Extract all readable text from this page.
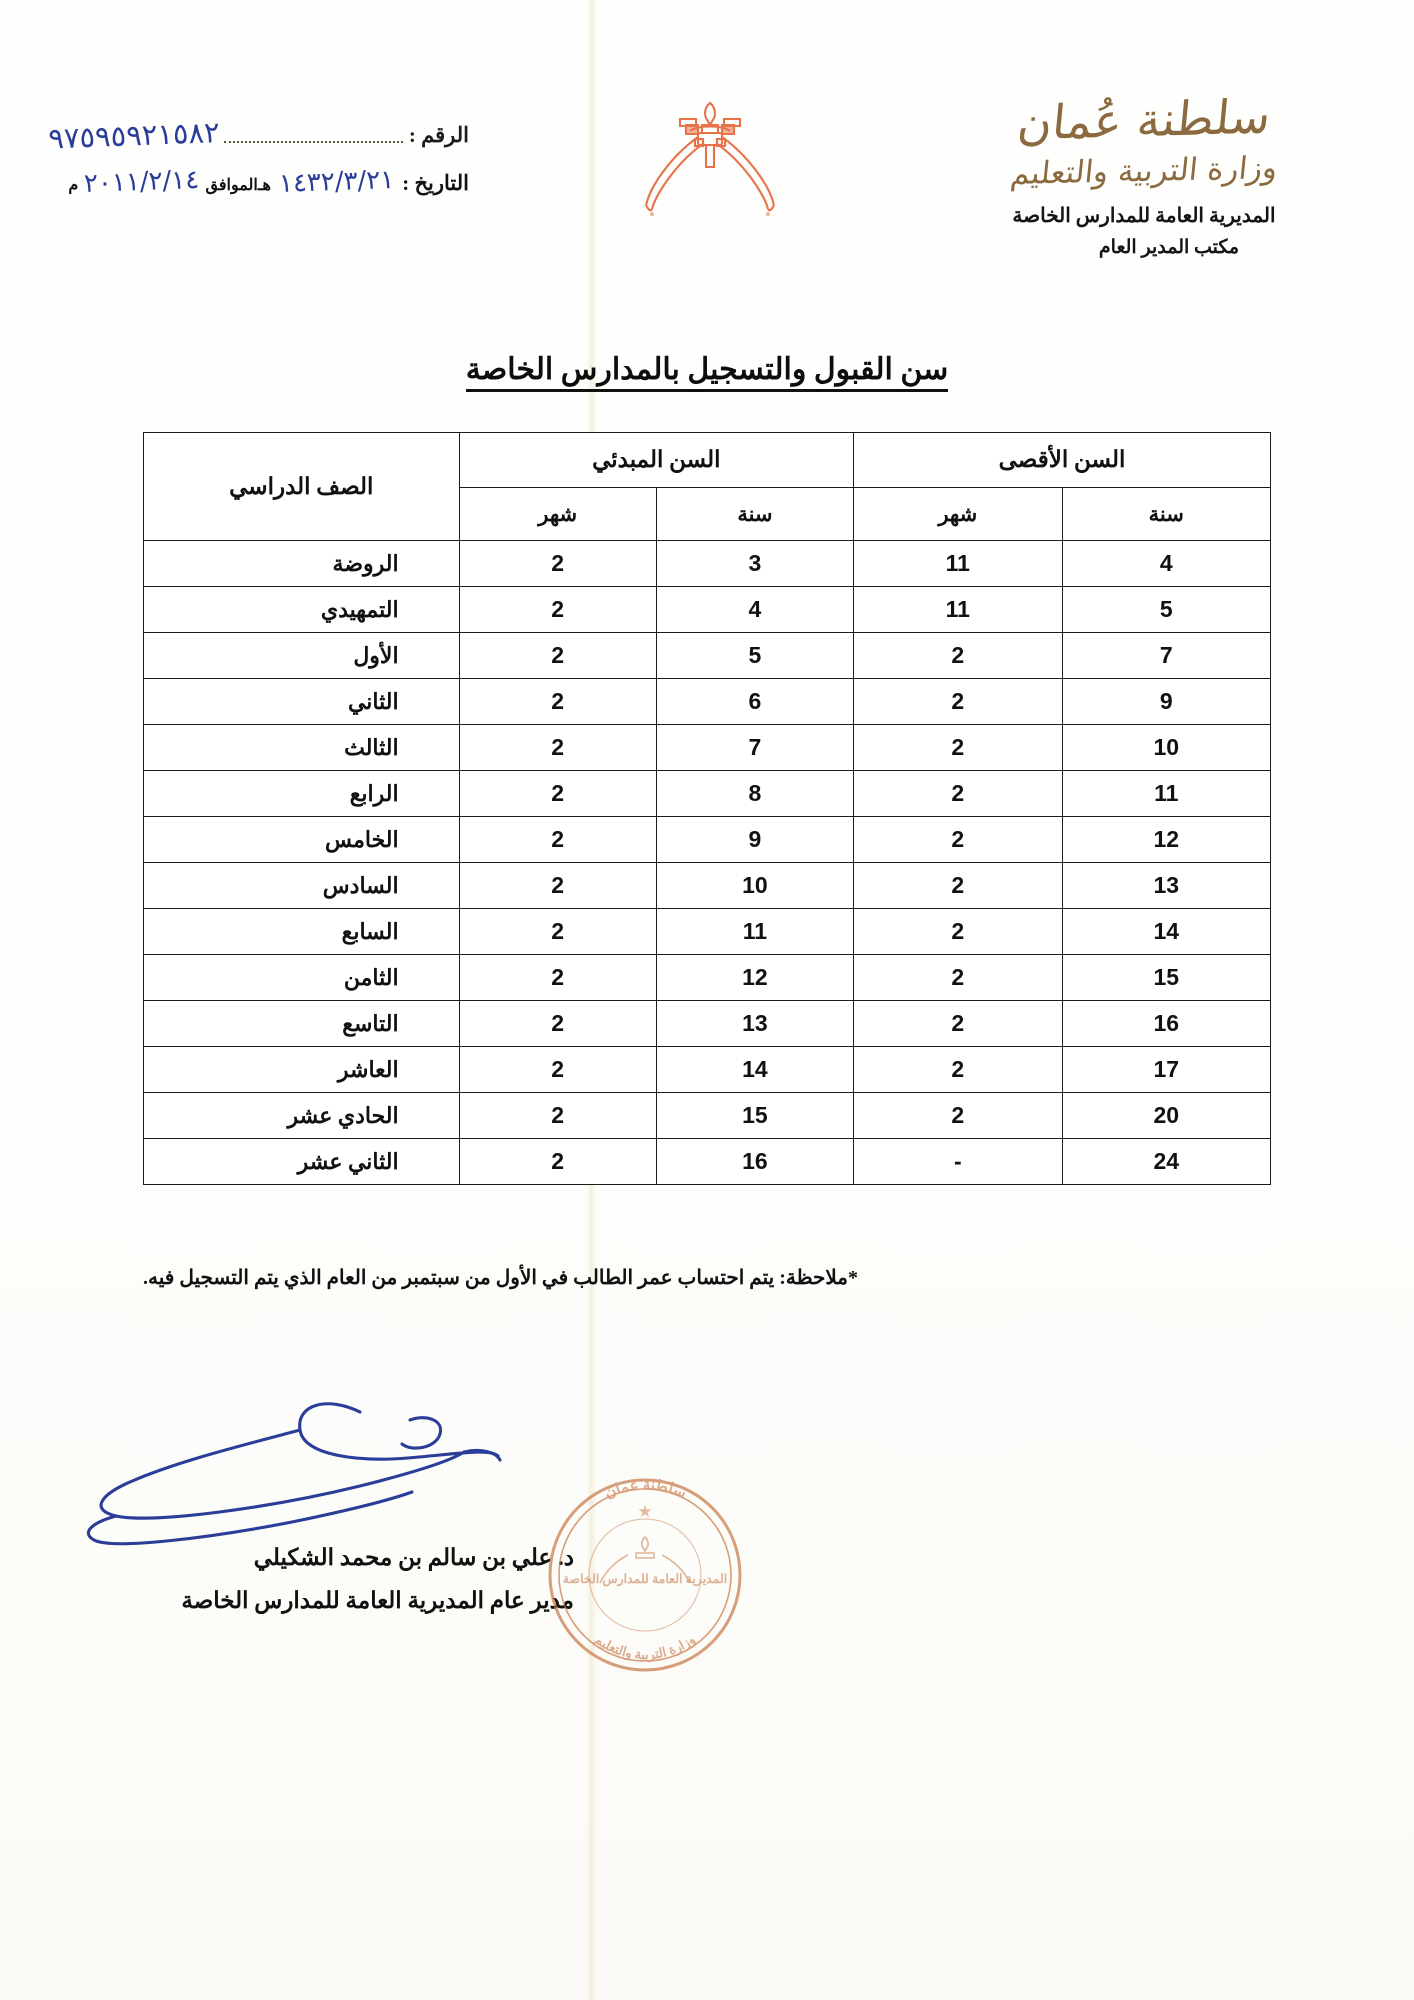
الرقم :
٩٧٥٩٥٩٢١٥٨٢
التاريخ :
١٤٣٢/٣/٢١
هـ
الموافق
٢٠١١/٢/١٤
م
سلطنة عُمان
وزارة التربية والتعليم
المديرية العامة للمدارس الخاصة
مكتب المدير العام
سن القبول والتسجيل بالمدارس الخاصة
السن الأقصى		السن المبدئي		الصف الدراسي
سنة	شهر	سنة	شهر	
4	11	3	2	الروضة
5	11	4	2	التمهيدي
7	2	5	2	الأول
9	2	6	2	الثاني
10	2	7	2	الثالث
11	2	8	2	الرابع
12	2	9	2	الخامس
13	2	10	2	السادس
14	2	11	2	السابع
15	2	12	2	الثامن
16	2	13	2	التاسع
17	2	14	2	العاشر
20	2	15	2	الحادي عشر
24	-	16	2	الثاني عشر
*ملاحظة: يتم احتساب عمر الطالب في الأول من سبتمبر من العام الذي يتم التسجيل فيه.
د. علي بن سالم بن محمد الشكيلي
مدير عام المديرية العامة للمدارس الخاصة
سلطنة عمان
وزارة التربية والتعليم
المديرية العامة للمدارس الخاصة
★
